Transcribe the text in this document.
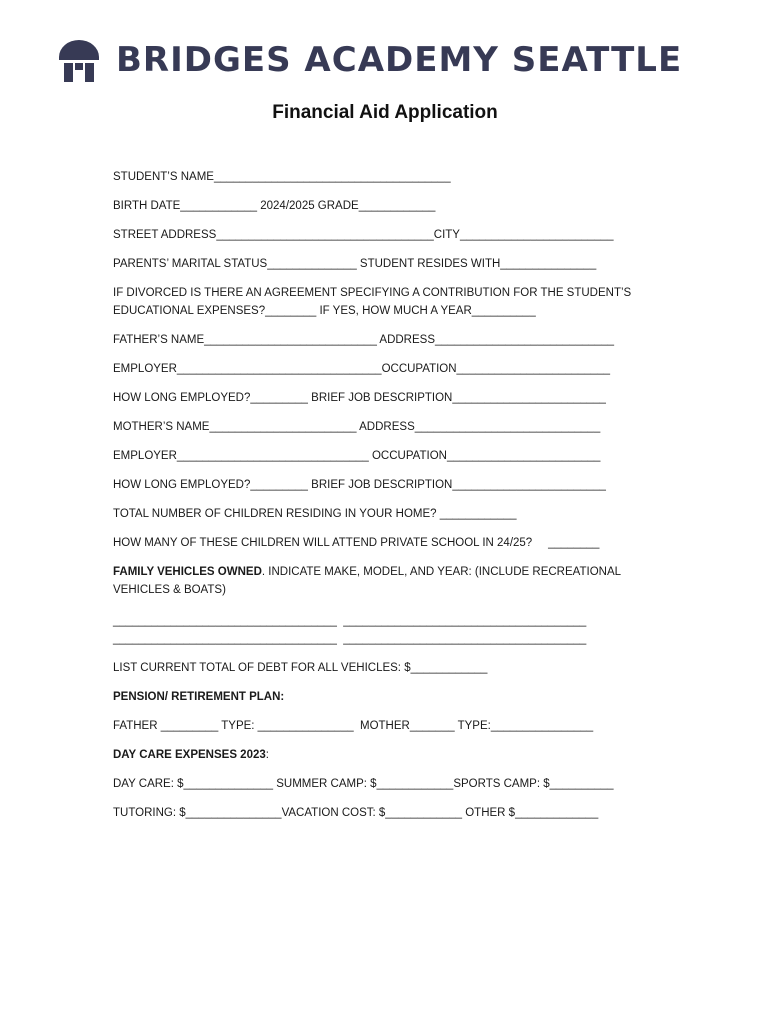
BRIDGES ACADEMY SEATTLE
Financial Aid Application
STUDENT’S NAME_____________________________________
BIRTH DATE____________ 2024/2025 GRADE____________
STREET ADDRESS__________________________________CITY________________________
PARENTS’ MARITAL STATUS______________ STUDENT RESIDES WITH_______________
IF DIVORCED IS THERE AN AGREEMENT SPECIFYING A CONTRIBUTION FOR THE STUDENT’S
EDUCATIONAL EXPENSES?________ IF YES, HOW MUCH A YEAR__________
FATHER’S NAME___________________________ ADDRESS____________________________
EMPLOYER________________________________OCCUPATION________________________
HOW LONG EMPLOYED?_________ BRIEF JOB DESCRIPTION________________________
MOTHER’S NAME_______________________ ADDRESS_____________________________
EMPLOYER______________________________ OCCUPATION________________________
HOW LONG EMPLOYED?_________ BRIEF JOB DESCRIPTION________________________
TOTAL NUMBER OF CHILDREN RESIDING IN YOUR HOME? ____________
HOW MANY OF THESE CHILDREN WILL ATTEND PRIVATE SCHOOL IN 24/25?     ________
FAMILY VEHICLES OWNED. INDICATE MAKE, MODEL, AND YEAR: (INCLUDE RECREATIONAL
VEHICLES & BOATS)
___________________________________  ______________________________________
___________________________________  ______________________________________
LIST CURRENT TOTAL OF DEBT FOR ALL VEHICLES: $____________
PENSION/ RETIREMENT PLAN:
FATHER _________ TYPE: _______________  MOTHER_______ TYPE:________________
DAY CARE EXPENSES 2023:
DAY CARE: $______________ SUMMER CAMP: $____________SPORTS CAMP: $__________
TUTORING: $_______________VACATION COST: $____________ OTHER $_____________
